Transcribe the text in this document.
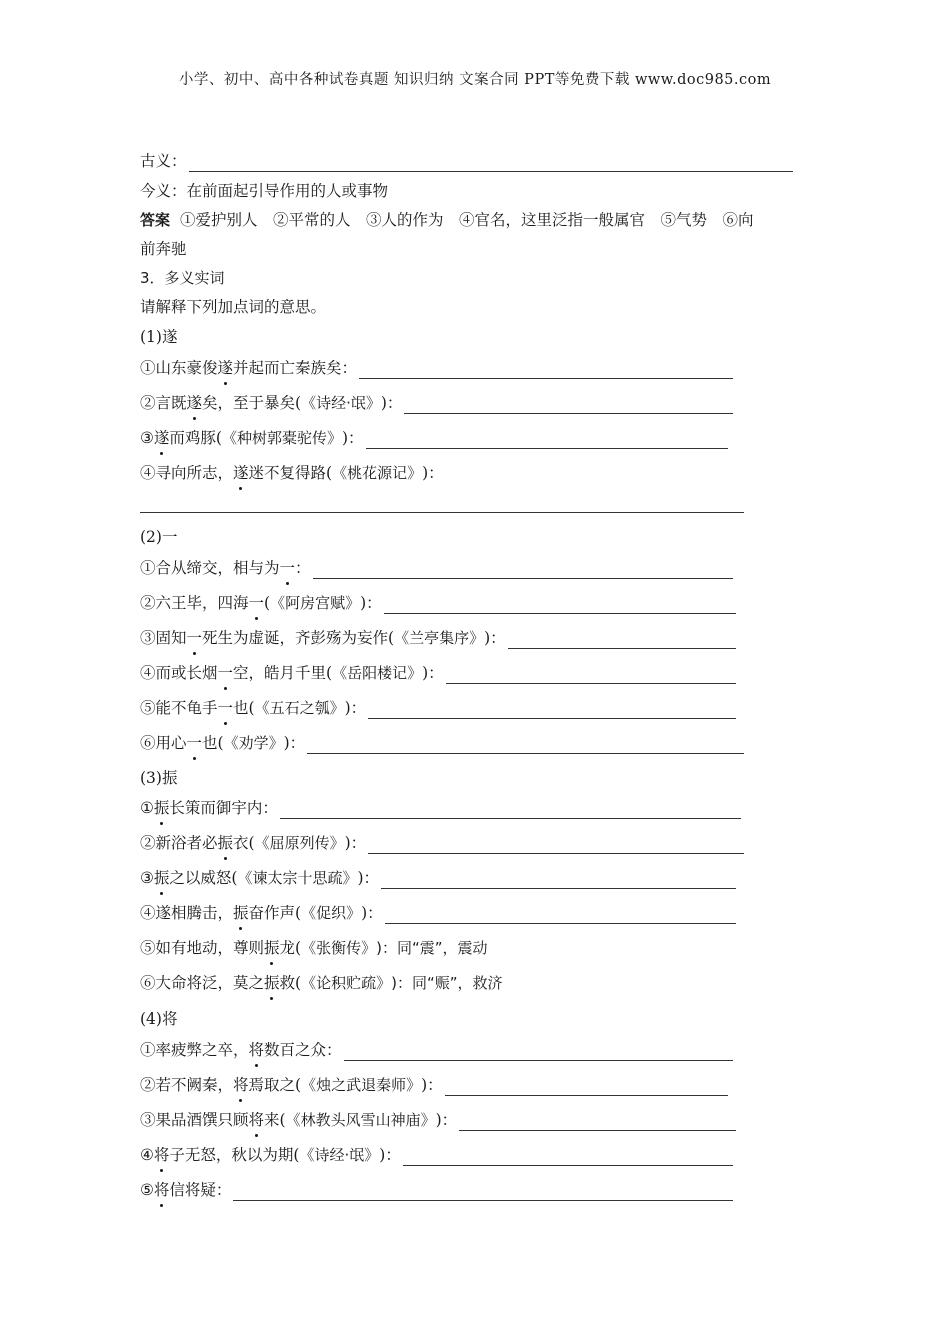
小学、初中、高中各种试卷真题 知识归纳 文案合同 PPT等免费下载 www.doc985.com
古义：
今义：在前面起引导作用的人或事物
答案 ①爱护别人　②平常的人　③人的作为　④官名，这里泛指一般属官　⑤气势　⑥向
前奔驰
3．多义实词
请解释下列加点词的意思。
(1)遂
①山东豪俊 遂 并起而亡秦族矣：
②言既 遂 矣，至于暴矣( 《诗经·氓》 )：
③ 遂 而鸡豚( 《种树郭橐驼传》 )：
④寻向所志， 遂 迷不复得路( 《桃花源记》 )：
(2)一
①合从缔交，相与为 一 ：
②六王毕，四海 一 ( 《阿房宫赋》 )：
③固知 一 死生为虚诞，齐彭殇为妄作( 《兰亭集序》 )：
④而或长烟 一 空，皓月千里( 《岳阳楼记》 )：
⑤能不龟手 一 也( 《五石之瓠》 )：
⑥用心 一 也( 《劝学》 )：
(3)振
① 振 长策而御宇内：
②新浴者必 振 衣( 《屈原列传》 )：
③ 振 之以威怒( 《谏太宗十思疏》 )：
④遂相腾击， 振 奋作声( 《促织》 )：
⑤如有地动，尊则 振 龙( 《张衡传》 )：同“震”，震动
⑥大命将泛，莫之 振 救( 《论积贮疏》 )：同“赈”，救济
(4)将
①率疲弊之卒， 将 数百之众：
②若不阙秦， 将 焉取之( 《烛之武退秦师》 )：
③果品酒馔只顾 将 来( 《林教头风雪山神庙》 )：
④ 将 子无怒，秋以为期( 《诗经·氓》 )：
⑤ 将 信将疑：
